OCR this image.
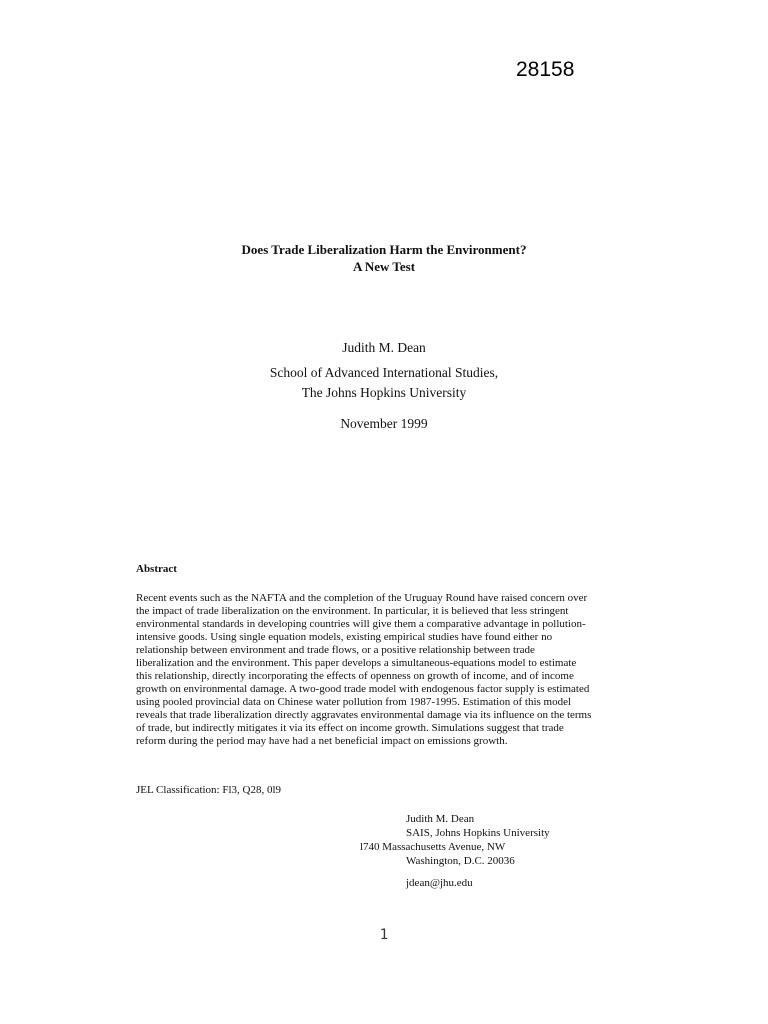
28158
Does Trade Liberalization Harm the Environment?
A New Test
Judith M. Dean
School of Advanced International Studies,
The Johns Hopkins University
November 1999
Abstract
Recent events such as the NAFTA and the completion of the Uruguay Round have raised concern over
the impact of trade liberalization on the environment. In particular, it is believed that less stringent
environmental standards in developing countries will give them a comparative advantage in pollution-
intensive goods. Using single equation models, existing empirical studies have found either no
relationship between environment and trade flows, or a positive relationship between trade
liberalization and the environment. This paper develops a simultaneous-equations model to estimate
this relationship, directly incorporating the effects of openness on growth of income, and of income
growth on environmental damage. A two-good trade model with endogenous factor supply is estimated
using pooled provincial data on Chinese water pollution from 1987-1995. Estimation of this model
reveals that trade liberalization directly aggravates environmental damage via its influence on the terms
of trade, but indirectly mitigates it via its effect on income growth. Simulations suggest that trade
reform during the period may have had a net beneficial impact on emissions growth.
JEL Classification: Fl3, Q28, 0l9
Judith M. Dean
SAIS, Johns Hopkins University
l740 Massachusetts Avenue, NW
Washington, D.C. 20036
jdean@jhu.edu
1
